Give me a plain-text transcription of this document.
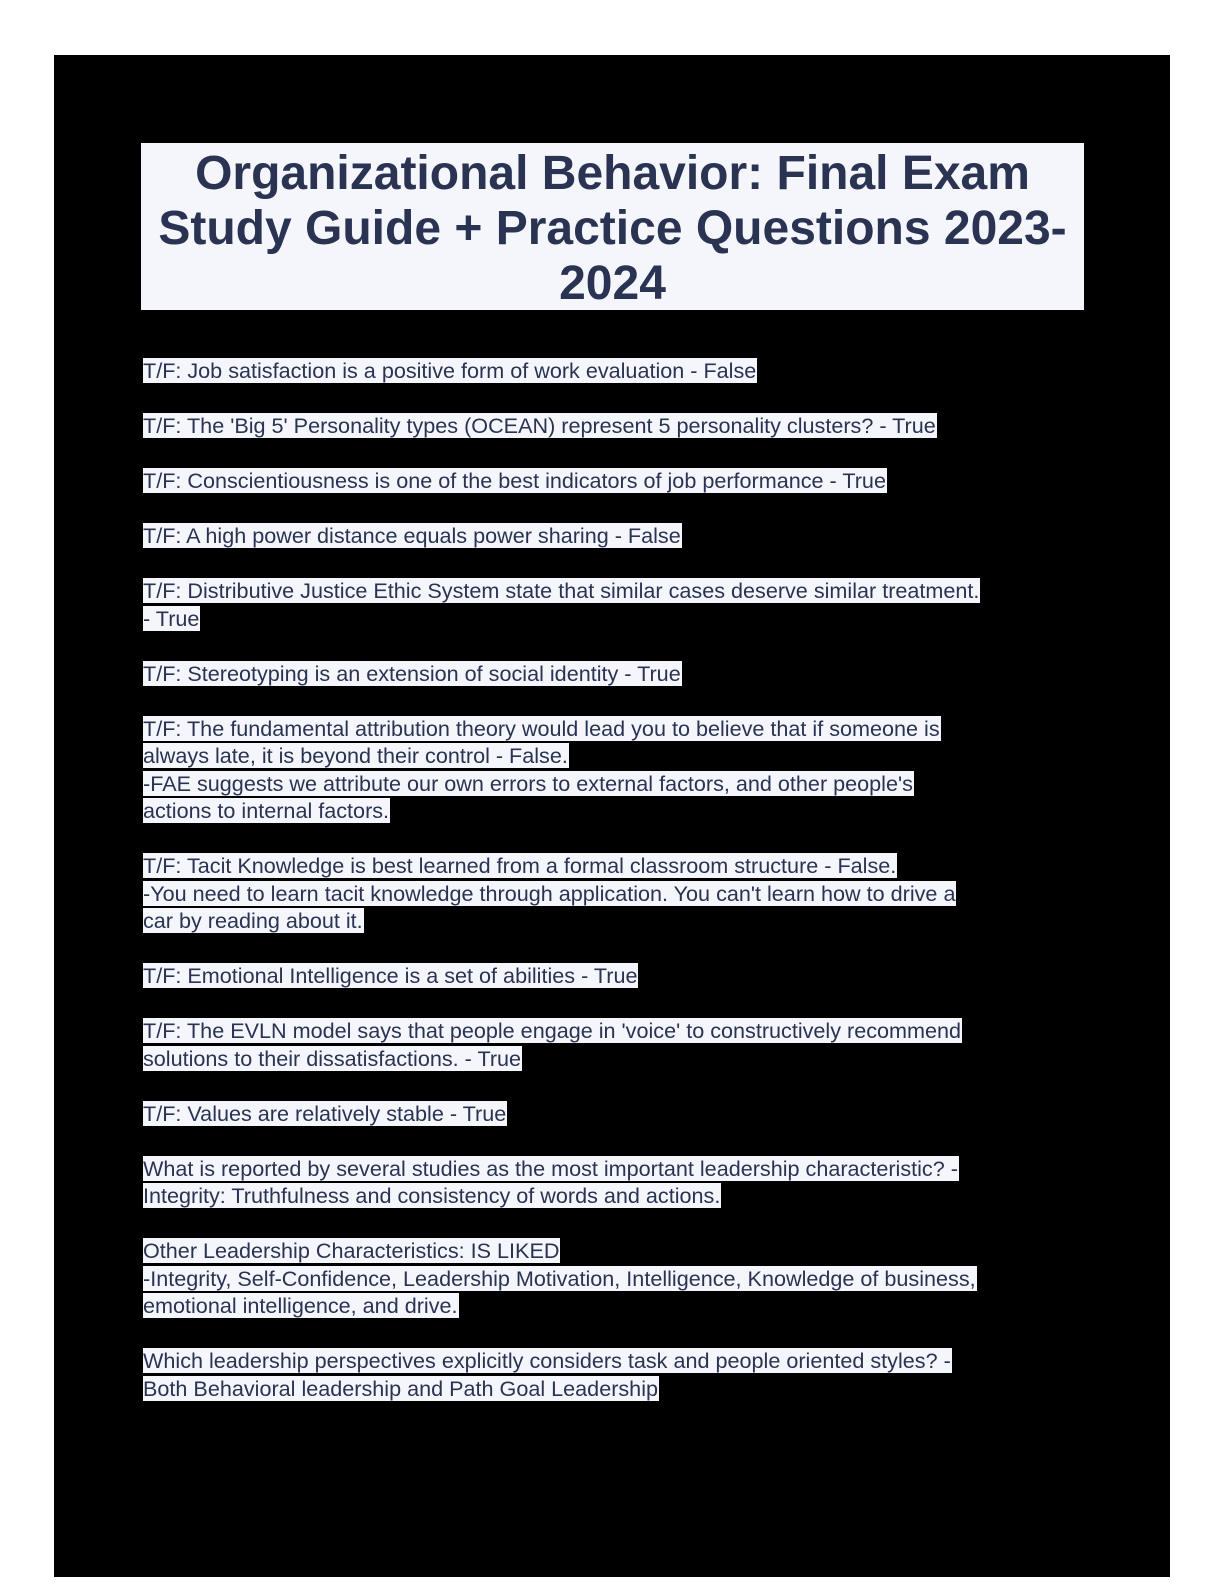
Organizational Behavior: Final Exam
Study Guide + Practice Questions 2023-
2024
T/F: Job satisfaction is a positive form of work evaluation - False
T/F: The 'Big 5' Personality types (OCEAN) represent 5 personality clusters? - True
T/F: Conscientiousness is one of the best indicators of job performance - True
T/F: A high power distance equals power sharing - False
T/F: Distributive Justice Ethic System state that similar cases deserve similar treatment.
- True
T/F: Stereotyping is an extension of social identity - True
T/F: The fundamental attribution theory would lead you to believe that if someone is
always late, it is beyond their control - False.
-FAE suggests we attribute our own errors to external factors, and other people's
actions to internal factors.
T/F: Tacit Knowledge is best learned from a formal classroom structure - False.
-You need to learn tacit knowledge through application. You can't learn how to drive a
car by reading about it.
T/F: Emotional Intelligence is a set of abilities - True
T/F: The EVLN model says that people engage in 'voice' to constructively recommend
solutions to their dissatisfactions. - True
T/F: Values are relatively stable - True
What is reported by several studies as the most important leadership characteristic? -
Integrity: Truthfulness and consistency of words and actions.
Other Leadership Characteristics: IS LIKED
-Integrity, Self-Confidence, Leadership Motivation, Intelligence, Knowledge of business,
emotional intelligence, and drive.
Which leadership perspectives explicitly considers task and people oriented styles? -
Both Behavioral leadership and Path Goal Leadership
